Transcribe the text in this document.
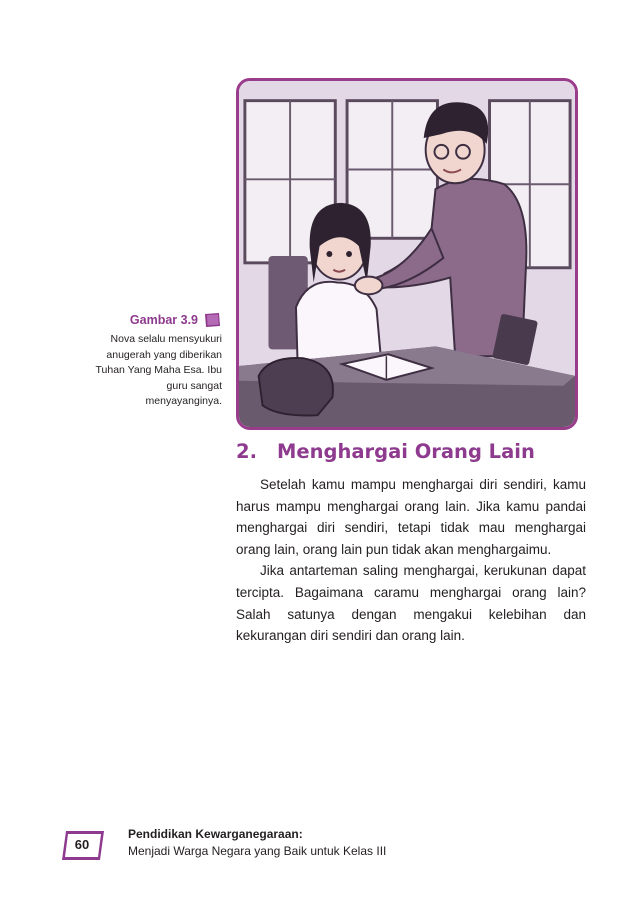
Gambar 3.9
Nova selalu mensyukuri anugerah yang diberikan Tuhan Yang Maha Esa. Ibu guru sangat menyayanginya.
2. Menghargai Orang Lain

Setelah kamu mampu menghargai diri sendiri, kamu harus mampu menghargai orang lain. Jika kamu pandai menghargai diri sendiri, tetapi tidak mau menghargai orang lain, orang lain pun tidak akan menghargaimu.

Jika antarteman saling menghargai, kerukunan dapat tercipta. Bagaimana caramu menghargai orang lain? Salah satunya dengan mengakui kelebihan dan kekurangan diri sendiri dan orang lain.

60
Pendidikan Kewarganegaraan:
Menjadi Warga Negara yang Baik untuk Kelas III
